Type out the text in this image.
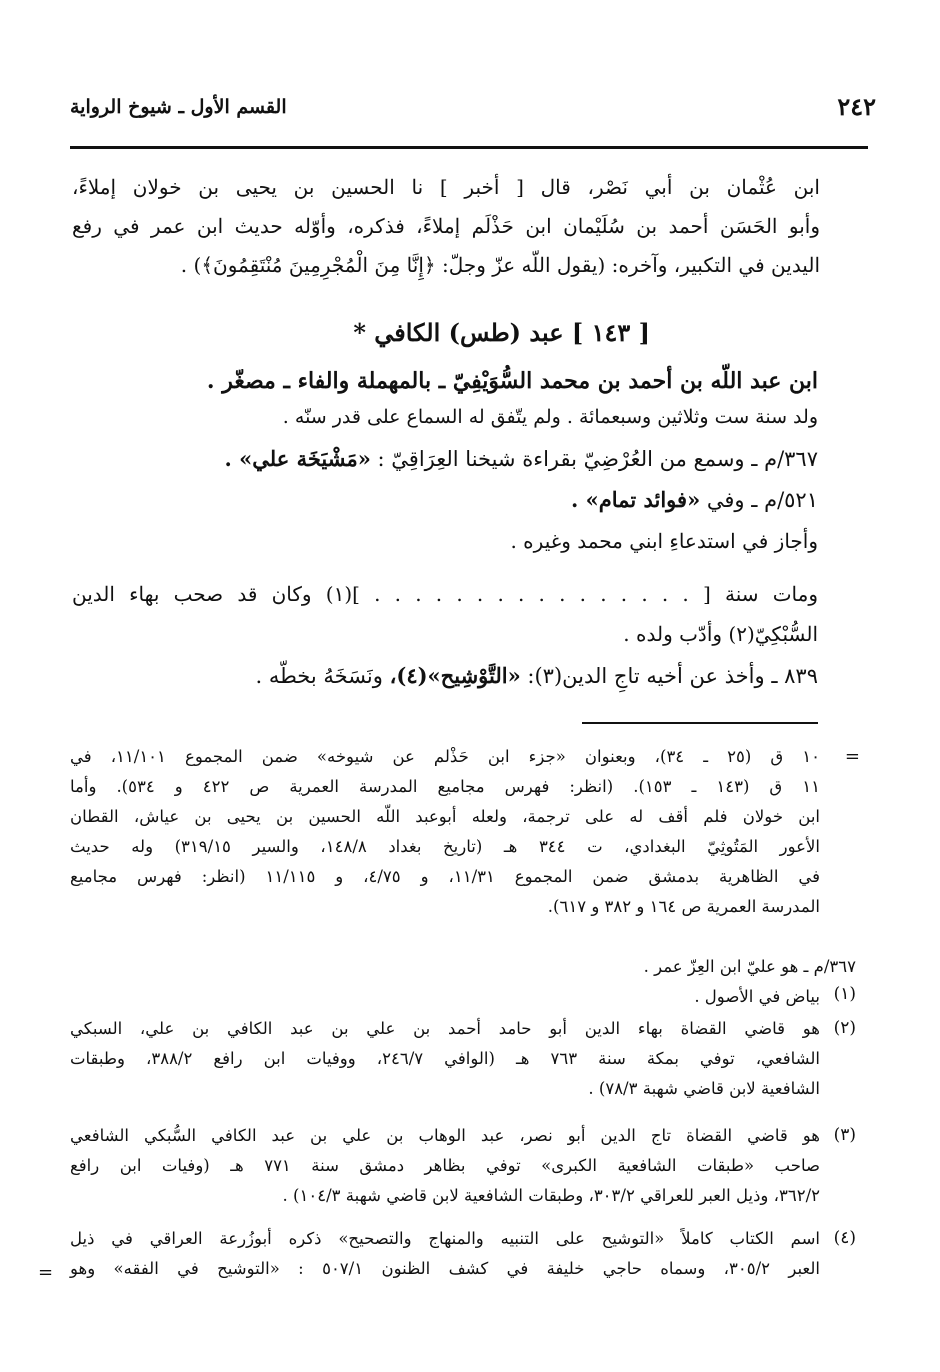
٢٤٢
القسم الأول ـ شيوخ الرواية
ابن عُثْمان بن أبي نَصْر، قال [ أخبر ] نا الحسين بن يحيى بن خولان إملاءً،
وأبو الحَسَن أحمد بن سُلَيْمان ابن حَذْلَم إملاءً، فذكره، وأوّله حديث ابن عمر في رفع
اليدين في التكبير، وآخره: (يقول اللّه عزّ وجلّ: ﴿إِنَّا مِنَ الْمُجْرِمِينَ مُنْتَقِمُونَ﴾) .
[ ١٤٣ ] عبد (طس) الكافي *
ابن عبد اللّه بن أحمد بن محمد السُّوَيْفِيّ ـ بالمهملة والفاء ـ مصغّر .
ولد سنة ست وثلاثين وسبعمائة . ولم يتّفق له السماع على قدر سنّه .
٣٦٧/م ـ وسمع من العُرْضِيّ بقراءة شيخنا العِرَاقِيّ : «مَشْيَخَة علي» .
٥٢١/م ـ وفي «فوائد تمام» .
وأجاز في استدعاءِ ابني محمد وغيره .
ومات سنة [ . . . . . . . . . . . . . . . . ](١) وكان قد صحب بهاء الدين
السُّبْكِيّ(٢) وأدّب ولده .
٨٣٩ ـ وأخذ عن أخيه تاجِ الدين(٣): «التَّوْشِيح»(٤)، ونَسَخَهُ بخطّه .
=
١٠ ق (٢٥ ـ ٣٤)، وبعنوان «جزء ابن حَذْلم عن شيوخه» ضمن المجموع ١١/١٠١، في
١١ ق (١٤٣ ـ ١٥٣). (انظر: فهرس مجاميع المدرسة العمرية ص ٤٢٢ و ٥٣٤). وأما
ابن خولان فلم أقف له على ترجمة، ولعله أبوعبد اللّه الحسين بن يحيى بن عياش، القطان
الأعور المَتُوثِيّ البغدادي، ت ٣٤٤ هـ (تاريخ بغداد ١٤٨/٨، والسير ٣١٩/١٥) وله حديث
في الظاهرية بدمشق ضمن المجموع ١١/٣١، و ٤/٧٥، و ١١/١١٥ (انظر: فهرس مجاميع
المدرسة العمرية ص ١٦٤ و ٣٨٢ و ٦١٧).
٣٦٧/م ـ هو عليّ ابن العِزّ عمر .
(١)
بياض في الأصول .
(٢)
هو قاضي القضاة بهاء الدين أبو حامد أحمد بن علي بن عبد الكافي بن علي، السبكي
الشافعي، توفي بمكة سنة ٧٦٣ هـ (الوافي ٢٤٦/٧، ووفيات ابن رافع ٣٨٨/٢، وطبقات
الشافعية لابن قاضي شهبة ٧٨/٣) .
(٣)
هو قاضي القضاة تاج الدين أبو نصر، عبد الوهاب بن علي بن عبد الكافي السُّبكي الشافعي
صاحب «طبقات الشافعية الكبرى» توفي بظاهر دمشق سنة ٧٧١ هـ (وفيات ابن رافع
٣٦٢/٢، وذيل العبر للعراقي ٣٠٣/٢، وطبقات الشافعية لابن قاضي شهبة ١٠٤/٣) .
(٤)
اسم الكتاب كاملاً «التوشيح على التنبيه والمنهاج والتصحيح» ذكره أبوزُرعة العراقي في ذيل
العبر ٣٠٥/٢، وسماه حاجي خليفة في كشف الظنون ٥٠٧/١ : «التوشيح في الفقه» وهو
=
